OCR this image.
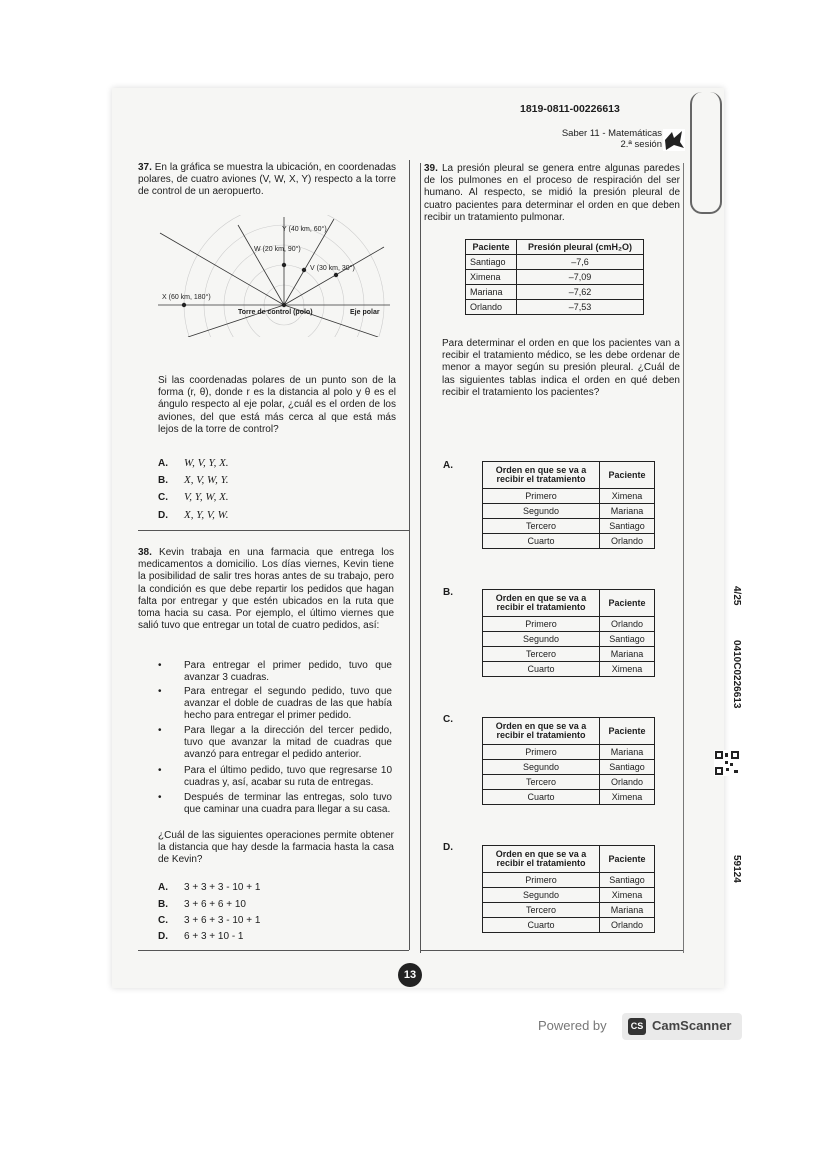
1819-0811-00226613
Saber 11 - Matemáticas
2.ª sesión
37. En la gráfica se muestra la ubicación, en coordenadas polares, de cuatro aviones (V, W, X, Y) respecto a la torre de control de un aeropuerto.
Y (40 km, 60°)
W (20 km, 90°)
V (30 km, 30°)
X (60 km, 180°)
Torre de control (polo)	Eje polar
Si las coordenadas polares de un punto son de la forma (r, θ), donde r es la distancia al polo y θ es el ángulo respecto al eje polar, ¿cuál es el orden de los aviones, del que está más cerca al que está más lejos de la torre de control?
A. W, V, Y, X.
B. X, V, W, Y.
C. V, Y, W, X.
D. X, Y, V, W.
38. Kevin trabaja en una farmacia que entrega los medicamentos a domicilio. Los días viernes, Kevin tiene la posibilidad de salir tres horas antes de su trabajo, pero la condición es que debe repartir los pedidos que hagan falta por entregar y que estén ubicados en la ruta que toma hacia su casa. Por ejemplo, el último viernes que salió tuvo que entregar un total de cuatro pedidos, así:
• Para entregar el primer pedido, tuvo que avanzar 3 cuadras.
• Para entregar el segundo pedido, tuvo que avanzar el doble de cuadras de las que había hecho para entregar el primer pedido.
• Para llegar a la dirección del tercer pedido, tuvo que avanzar la mitad de cuadras que avanzó para entregar el pedido anterior.
• Para el último pedido, tuvo que regresarse 10 cuadras y, así, acabar su ruta de entregas.
• Después de terminar las entregas, solo tuvo que caminar una cuadra para llegar a su casa.
¿Cuál de las siguientes operaciones permite obtener la distancia que hay desde la farmacia hasta la casa de Kevin?
A. 3 + 3 + 3 - 10 + 1
B. 3 + 6 + 6 + 10
C. 3 + 6 + 3 - 10 + 1
D. 6 + 3 + 10 - 1
39. La presión pleural se genera entre algunas paredes de los pulmones en el proceso de respiración del ser humano. Al respecto, se midió la presión pleural de cuatro pacientes para determinar el orden en que deben recibir un tratamiento pulmonar.
Paciente	Presión pleural (cmH₂O)
Santiago	–7,6
Ximena	–7,09
Mariana	–7,62
Orlando	–7,53
Para determinar el orden en que los pacientes van a recibir el tratamiento médico, se les debe ordenar de menor a mayor según su presión pleural. ¿Cuál de las siguientes tablas indica el orden en qué deben recibir el tratamiento los pacientes?
A.	Orden en que se va a recibir el tratamiento	Paciente
Primero	Ximena
Segundo	Mariana
Tercero	Santiago
Cuarto	Orlando
B.	Orden en que se va a recibir el tratamiento	Paciente
Primero	Orlando
Segundo	Santiago
Tercero	Mariana
Cuarto	Ximena
C.
Orden en que se va a recibir el tratamiento	Paciente
Primero	Mariana
Segundo	Santiago
Tercero	Orlando
Cuarto	Ximena
D.
Orden en que se va a recibir el tratamiento	Paciente
Primero	Santiago
Segundo	Ximena
Tercero	Mariana
Cuarto	Orlando
4/25
0410C0226613
59124
13
Powered by	CS CamScanner
